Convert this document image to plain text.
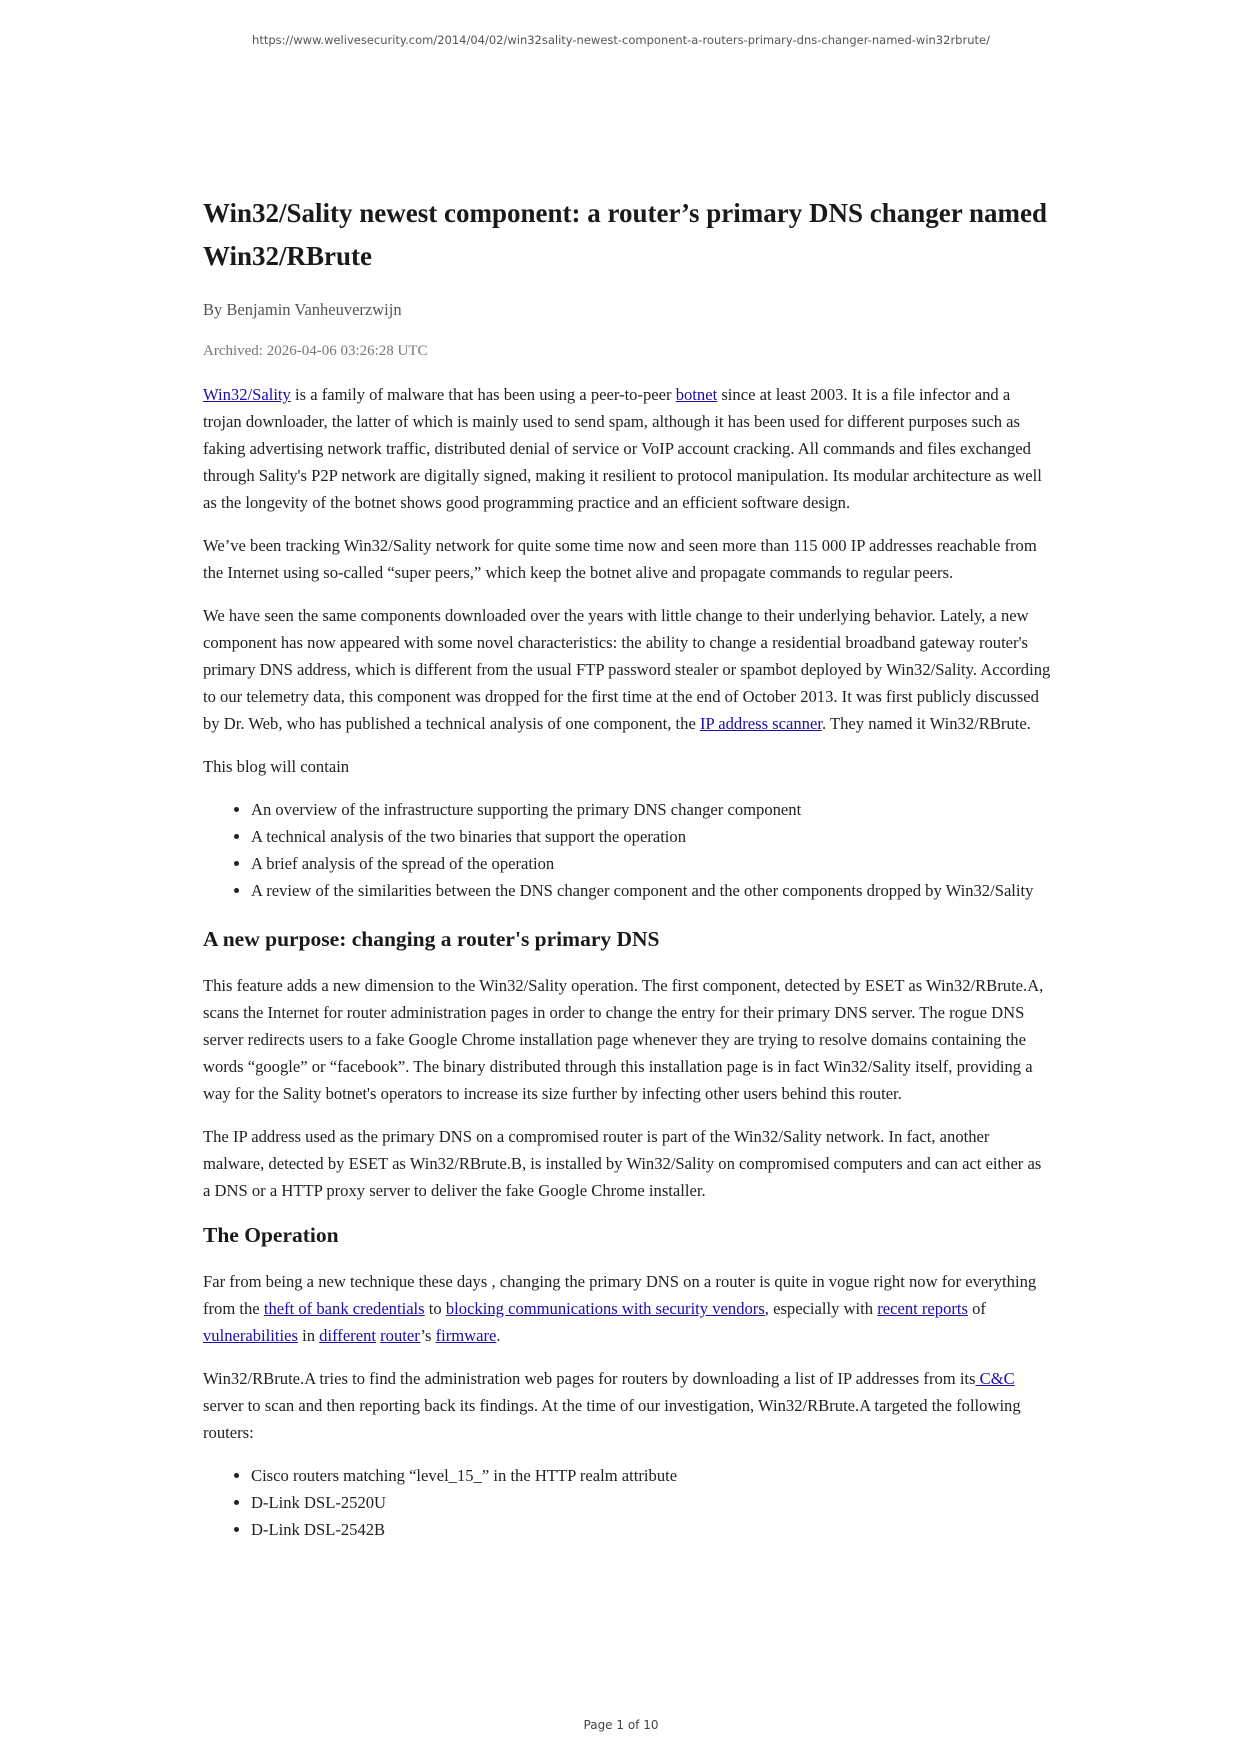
https://www.welivesecurity.com/2014/04/02/win32sality-newest-component-a-routers-primary-dns-changer-named-win32rbrute/
Win32/Sality newest component: a router’s primary DNS changer named Win32/RBrute
By Benjamin Vanheuverzwijn
Archived: 2026-04-06 03:26:28 UTC

Win32/Sality is a family of malware that has been using a peer-to-peer botnet since at least 2003. It is a file infector and a trojan downloader, the latter of which is mainly used to send spam, although it has been used for different purposes such as faking advertising network traffic, distributed denial of service or VoIP account cracking. All commands and files exchanged through Sality's P2P network are digitally signed, making it resilient to protocol manipulation. Its modular architecture as well as the longevity of the botnet shows good programming practice and an efficient software design.

We’ve been tracking Win32/Sality network for quite some time now and seen more than 115 000 IP addresses reachable from the Internet using so-called “super peers,” which keep the botnet alive and propagate commands to regular peers.

We have seen the same components downloaded over the years with little change to their underlying behavior. Lately, a new component has now appeared with some novel characteristics: the ability to change a residential broadband gateway router's primary DNS address, which is different from the usual FTP password stealer or spambot deployed by Win32/Sality. According to our telemetry data, this component was dropped for the first time at the end of October 2013. It was first publicly discussed by Dr. Web, who has published a technical analysis of one component, the IP address scanner. They named it Win32/RBrute.

This blog will contain

• An overview of the infrastructure supporting the primary DNS changer component
• A technical analysis of the two binaries that support the operation
• A brief analysis of the spread of the operation
• A review of the similarities between the DNS changer component and the other components dropped by Win32/Sality
A new purpose: changing a router's primary DNS

This feature adds a new dimension to the Win32/Sality operation. The first component, detected by ESET as Win32/RBrute.A, scans the Internet for router administration pages in order to change the entry for their primary DNS server. The rogue DNS server redirects users to a fake Google Chrome installation page whenever they are trying to resolve domains containing the words “google” or “facebook”. The binary distributed through this installation page is in fact Win32/Sality itself, providing a way for the Sality botnet's operators to increase its size further by infecting other users behind this router.

The IP address used as the primary DNS on a compromised router is part of the Win32/Sality network. In fact, another malware, detected by ESET as Win32/RBrute.B, is installed by Win32/Sality on compromised computers and can act either as a DNS or a HTTP proxy server to deliver the fake Google Chrome installer.

The Operation

Far from being a new technique these days , changing the primary DNS on a router is quite in vogue right now for everything from the theft of bank credentials to blocking communications with security vendors, especially with recent reports of vulnerabilities in different router’s firmware.

Win32/RBrute.A tries to find the administration web pages for routers by downloading a list of IP addresses from its C&C server to scan and then reporting back its findings. At the time of our investigation, Win32/RBrute.A targeted the following routers:

• Cisco routers matching “level_15_” in the HTTP realm attribute
• D-Link DSL-2520U
• D-Link DSL-2542B
Page 1 of 10
